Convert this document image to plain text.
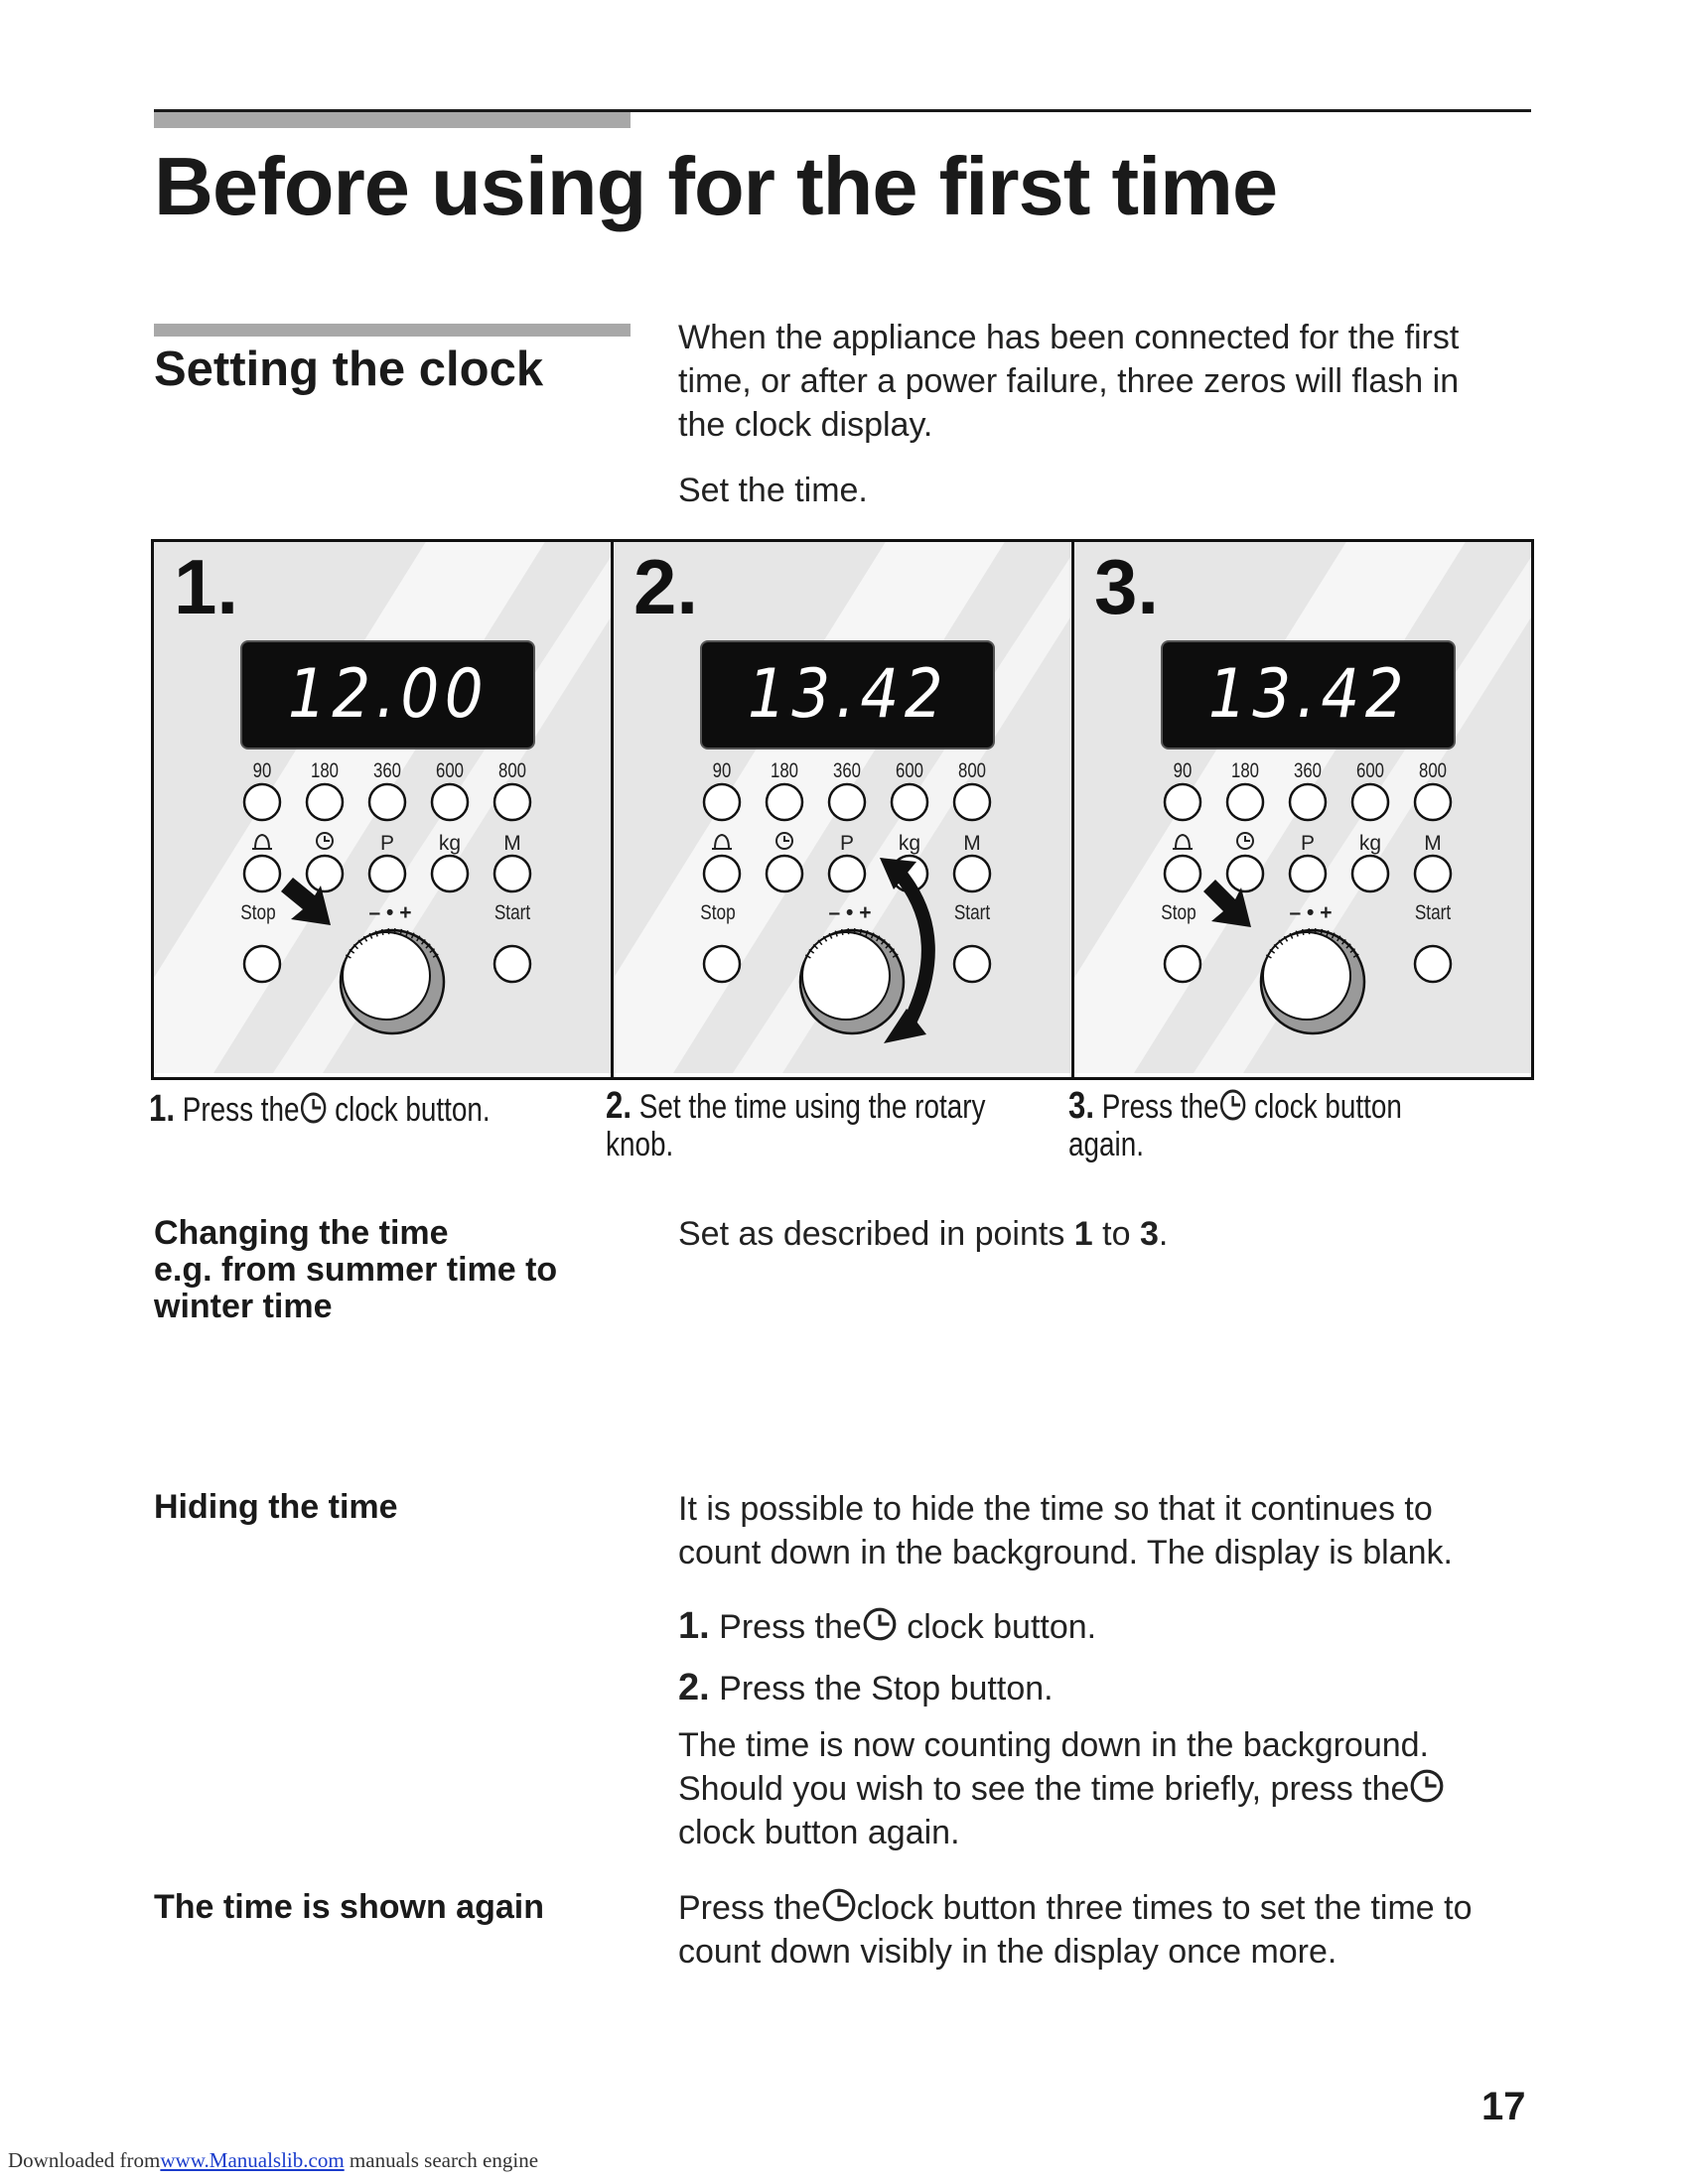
Before using for the first time
Setting the clock
When the appliance has been connected for the first
time, or after a power failure, three zeros will flash in
the clock display.
Set the time.
1.
12.00
90 180 360 600 800
P kg M
Stop	Start
– • +
2.
13.42
90 180 360 600 800
P kg M
Stop	Start
– • +
3.
13.42
90 180 360 600 800
P kg M
Stop	Start
– • +
1. Press the clock button.	2. Set the time using the rotary
knob.
3. Press the clock button
again.
Changing the time
e.g. from summer time to
winter time
Set as described in points 1 to 3.
Hiding the time	It is possible to hide the time so that it continues to
count down in the background. The display is blank.
1. Press the clock button.
2. Press the Stop button.
The time is now counting down in the background.
Should you wish to see the time briefly, press the
clock button again.
The time is shown again	Press the clock button three times to set the time to
count down visibly in the display once more.
17
Downloaded fromwww.Manualslib.com manuals search engine
